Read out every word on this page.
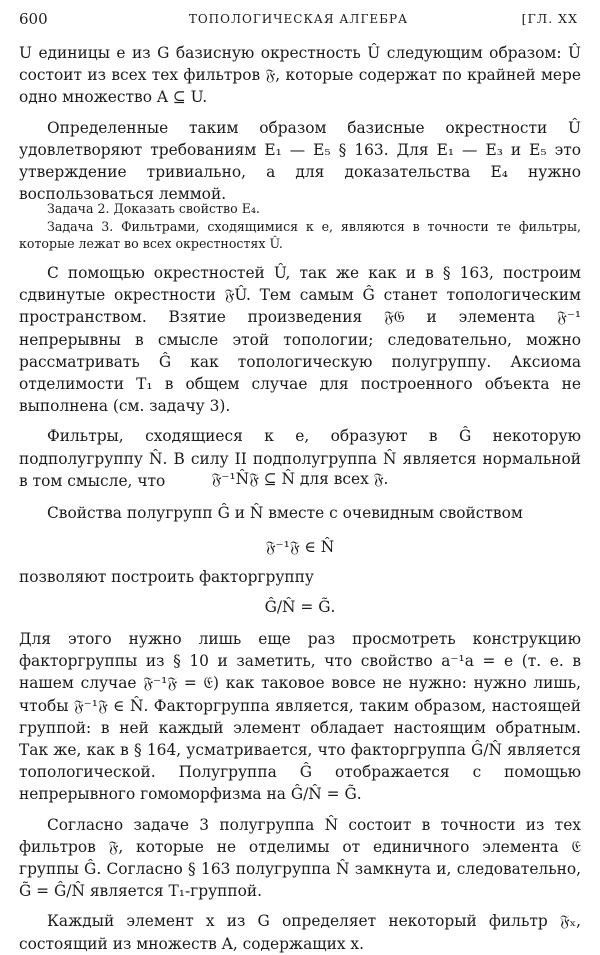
600	ТОПОЛОГИЧЕСКАЯ АЛГЕБРА	[ГЛ. XX

U единицы e из G базисную окрестность Û следующим образом: Û состоит из всех тех фильтров 𝔉, которые содержат по крайней мере одно множество A ⊆ U.

Определенные таким образом базисные окрестности Û удовлетворяют требованиям E₁ — E₅ § 163. Для E₁ — E₃ и E₅ это утверждение тривиально, а для доказательства E₄ нужно воспользоваться леммой.

Задача 2. Доказать свойство E₄.

Задача 3. Фильтрами, сходящимися к e, являются в точности те фильтры, которые лежат во всех окрестностях Û.

С помощью окрестностей Û, так же как и в § 163, построим сдвинутые окрестности 𝔉Û. Тем самым Ĝ станет топологическим пространством. Взятие произведения 𝔉𝔊 и элемента 𝔉⁻¹ непрерывны в смысле этой топологии; следовательно, можно рассматривать Ĝ как топологическую полугруппу. Аксиома отделимости T₁ в общем случае для построенного объекта не выполнена (см. задачу 3).

Фильтры, сходящиеся к e, образуют в Ĝ некоторую подполугруппу N̂. В силу II подполугруппа N̂ является нормальной в том смысле, что	𝔉⁻¹N̂𝔉 ⊆ N̂ для всех 𝔉.

Свойства полугрупп Ĝ и N̂ вместе с очевидным свойством

𝔉⁻¹𝔉 ∈ N̂

позволяют построить факторгруппу

Ĝ/N̂ = G̃.

Для этого нужно лишь еще раз просмотреть конструкцию факторгруппы из § 10 и заметить, что свойство a⁻¹a = e (т. е. в нашем случае 𝔉⁻¹𝔉 = 𝔈) как таковое вовсе не нужно: нужно лишь, чтобы 𝔉⁻¹𝔉 ∈ N̂. Факторгруппа является, таким образом, настоящей группой: в ней каждый элемент обладает настоящим обратным. Так же, как в § 164, усматривается, что факторгруппа Ĝ/N̂ является топологической. Полугруппа Ĝ отображается с помощью непрерывного гомоморфизма на Ĝ/N̂ = G̃.

Согласно задаче 3 полугруппа N̂ состоит в точности из тех фильтров 𝔉, которые не отделимы от единичного элемента 𝔈 группы Ĝ. Согласно § 163 полугруппа N̂ замкнута и, следовательно, G̃ = Ĝ/N̂ является T₁-группой.

Каждый элемент x из G определяет некоторый фильтр 𝔉ₓ, состоящий из множеств A, содержащих x.
